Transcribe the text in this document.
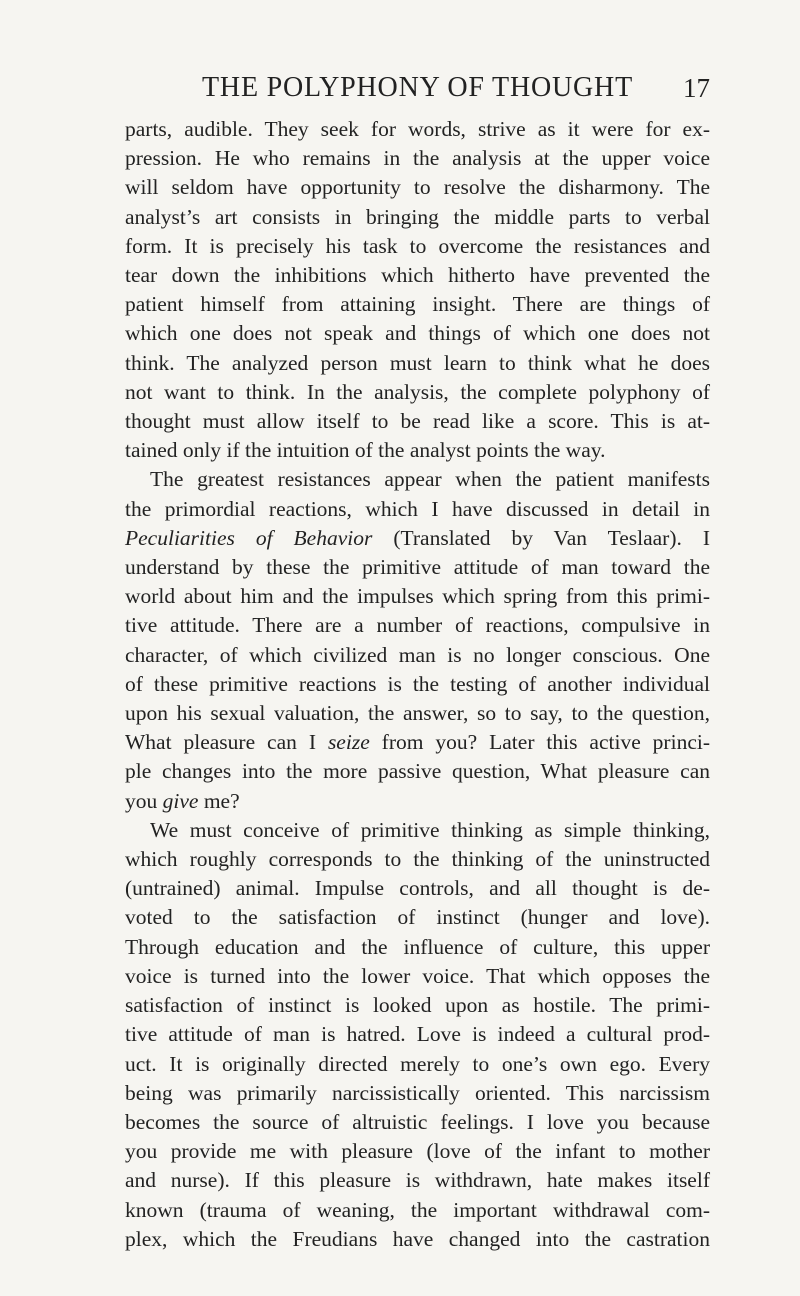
THE POLYPHONY OF THOUGHT	17
parts, audible. They seek for words, strive as it were for ex-
pression. He who remains in the analysis at the upper voice
will seldom have opportunity to resolve the disharmony. The
analyst’s art consists in bringing the middle parts to verbal
form. It is precisely his task to overcome the resistances and
tear down the inhibitions which hitherto have prevented the
patient himself from attaining insight. There are things of
which one does not speak and things of which one does not
think. The analyzed person must learn to think what he does
not want to think. In the analysis, the complete polyphony of
thought must allow itself to be read like a score. This is at-
tained only if the intuition of the analyst points the way.
The greatest resistances appear when the patient manifests
the primordial reactions, which I have discussed in detail in
Peculiarities of Behavior (Translated by Van Teslaar). I
understand by these the primitive attitude of man toward the
world about him and the impulses which spring from this primi-
tive attitude. There are a number of reactions, compulsive in
character, of which civilized man is no longer conscious. One
of these primitive reactions is the testing of another individual
upon his sexual valuation, the answer, so to say, to the question,
What pleasure can I seize from you? Later this active princi-
ple changes into the more passive question, What pleasure can
you give me?
We must conceive of primitive thinking as simple thinking,
which roughly corresponds to the thinking of the uninstructed
(untrained) animal. Impulse controls, and all thought is de-
voted to the satisfaction of instinct (hunger and love).
Through education and the influence of culture, this upper
voice is turned into the lower voice. That which opposes the
satisfaction of instinct is looked upon as hostile. The primi-
tive attitude of man is hatred. Love is indeed a cultural prod-
uct. It is originally directed merely to one’s own ego. Every
being was primarily narcissistically oriented. This narcissism
becomes the source of altruistic feelings. I love you because
you provide me with pleasure (love of the infant to mother
and nurse). If this pleasure is withdrawn, hate makes itself
known (trauma of weaning, the important withdrawal com-
plex, which the Freudians have changed into the castration
